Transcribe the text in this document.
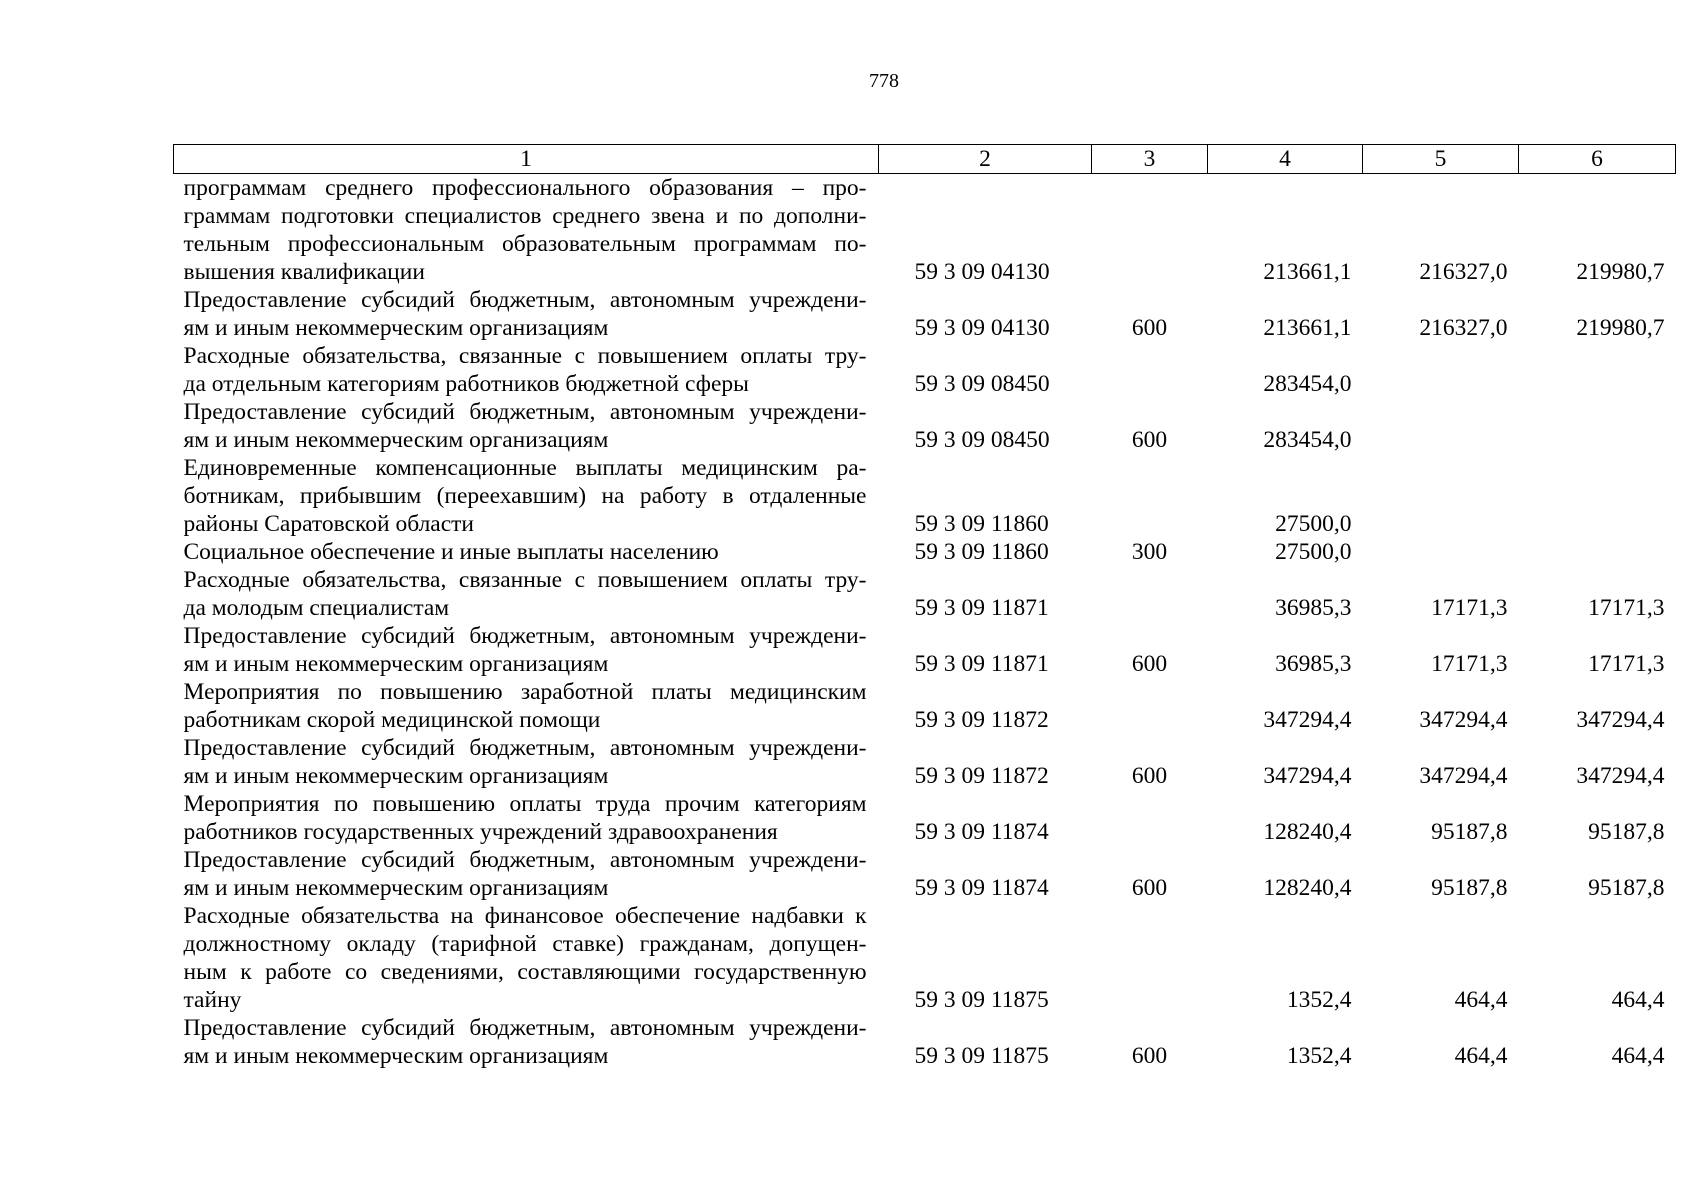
778
1	2	3	4	5	6

программам среднего профессионального образования – про-
граммам подготовки специалистов среднего звена и по дополни-
тельным профессиональным образовательным программам по-
вышения квалификации	59 3 09 04130		213661,1	216327,0	219980,7

Предоставление субсидий бюджетным, автономным учреждени-
ям и иным некоммерческим организациям	59 3 09 04130	600	213661,1	216327,0	219980,7

Расходные обязательства, связанные с повышением оплаты тру-
да отдельным категориям работников бюджетной сферы	59 3 09 08450		283454,0		

Предоставление субсидий бюджетным, автономным учреждени-
ям и иным некоммерческим организациям	59 3 09 08450	600	283454,0		

Единовременные компенсационные выплаты медицинским ра-
ботникам, прибывшим (переехавшим) на работу в отдаленные
районы Саратовской области	59 3 09 11860		27500,0		

Социальное обеспечение и иные выплаты населению	59 3 09 11860	300	27500,0		

Расходные обязательства, связанные с повышением оплаты тру-
да молодым специалистам	59 3 09 11871		36985,3	17171,3	17171,3

Предоставление субсидий бюджетным, автономным учреждени-
ям и иным некоммерческим организациям	59 3 09 11871	600	36985,3	17171,3	17171,3

Мероприятия по повышению заработной платы медицинским
работникам скорой медицинской помощи	59 3 09 11872		347294,4	347294,4	347294,4

Предоставление субсидий бюджетным, автономным учреждени-
ям и иным некоммерческим организациям	59 3 09 11872	600	347294,4	347294,4	347294,4

Мероприятия по повышению оплаты труда прочим категориям
работников государственных учреждений здравоохранения	59 3 09 11874		128240,4	95187,8	95187,8

Предоставление субсидий бюджетным, автономным учреждени-
ям и иным некоммерческим организациям	59 3 09 11874	600	128240,4	95187,8	95187,8

Расходные обязательства на финансовое обеспечение надбавки к
должностному окладу (тарифной ставке) гражданам, допущен-
ным к работе со сведениями, составляющими государственную
тайну	59 3 09 11875		1352,4	464,4	464,4

Предоставление субсидий бюджетным, автономным учреждени-
ям и иным некоммерческим организациям	59 3 09 11875	600	1352,4	464,4	464,4
